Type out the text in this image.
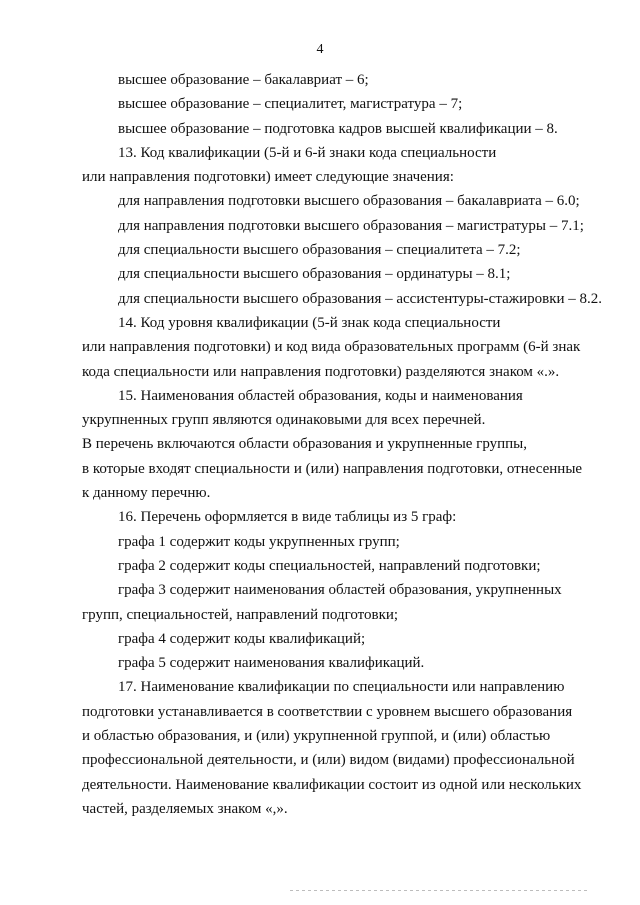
4
высшее образование – бакалавриат – 6;
высшее образование – специалитет, магистратура – 7;
высшее образование – подготовка кадров высшей квалификации – 8.
13. Код квалификации (5-й и 6-й знаки кода специальности
или направления подготовки) имеет следующие значения:
для направления подготовки высшего образования – бакалавриата – 6.0;
для направления подготовки высшего образования – магистратуры – 7.1;
для специальности высшего образования – специалитета – 7.2;
для специальности высшего образования – ординатуры – 8.1;
для специальности высшего образования – ассистентуры-стажировки – 8.2.
14. Код уровня квалификации (5-й знак кода специальности
или направления подготовки) и код вида образовательных программ (6-й знак
кода специальности или направления подготовки) разделяются знаком «.».
15. Наименования областей образования, коды и наименования
укрупненных групп являются одинаковыми для всех перечней.
В перечень включаются области образования и укрупненные группы,
в которые входят специальности и (или) направления подготовки, отнесенные
к данному перечню.
16. Перечень оформляется в виде таблицы из 5 граф:
графа 1 содержит коды укрупненных групп;
графа 2 содержит коды специальностей, направлений подготовки;
графа 3 содержит наименования областей образования, укрупненных
групп, специальностей, направлений подготовки;
графа 4 содержит коды квалификаций;
графа 5 содержит наименования квалификаций.
17. Наименование квалификации по специальности или направлению
подготовки устанавливается в соответствии с уровнем высшего образования
и областью образования, и (или) укрупненной группой, и (или) областью
профессиональной деятельности, и (или) видом (видами) профессиональной
деятельности. Наименование квалификации состоит из одной или нескольких
частей, разделяемых знаком «,».
